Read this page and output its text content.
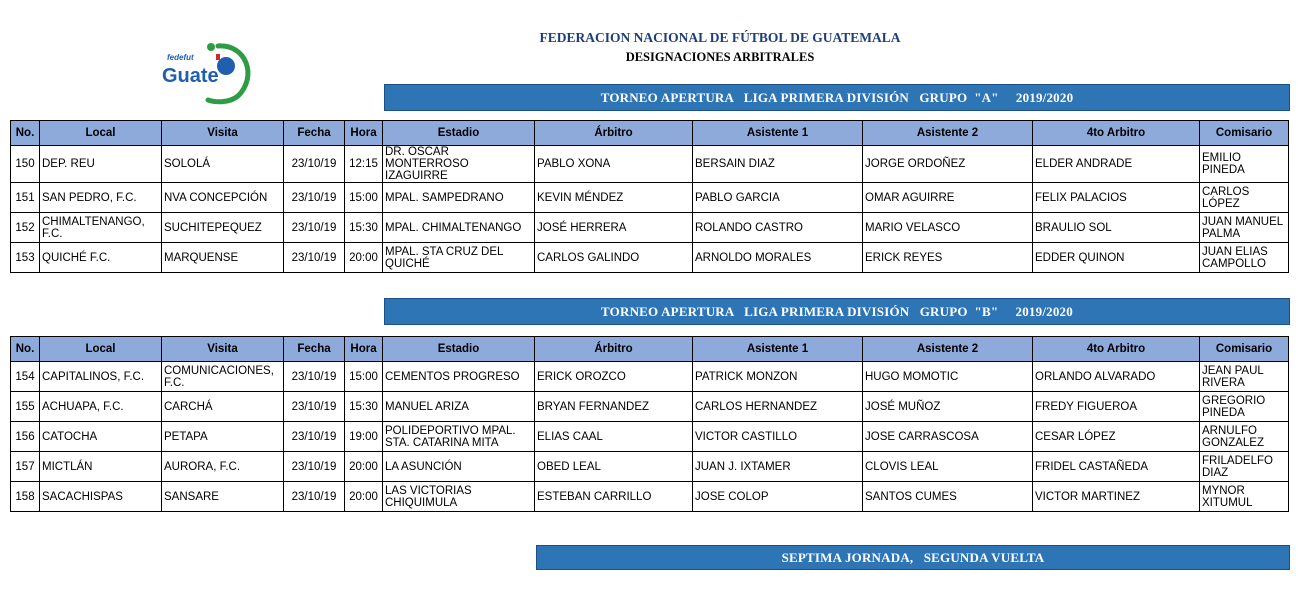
fedefut
Guate
FEDERACION NACIONAL DE FÚTBOL DE GUATEMALA
DESIGNACIONES ARBITRALES
TORNEO APERTURA   LIGA PRIMERA DIVISIÓN   GRUPO  "A"     2019/2020
No.	Local	Visita	Fecha	Hora	Estadio	Árbitro	Asistente 1	Asistente 2	4to Arbitro	Comisario
150	DEP. REU	SOLOLÁ	23/10/19	12:15	DR. OSCAR MONTERROSO IZAGUIRRE	PABLO XONA	BERSAIN DIAZ	JORGE ORDOÑEZ	ELDER ANDRADE	EMILIO PINEDA
151	SAN PEDRO, F.C.	NVA CONCEPCIÓN	23/10/19	15:00	MPAL. SAMPEDRANO	KEVIN MÉNDEZ	PABLO GARCIA	OMAR AGUIRRE	FELIX PALACIOS	CARLOS LÓPEZ
152	CHIMALTENANGO, F.C.	SUCHITEPEQUEZ	23/10/19	15:30	MPAL. CHIMALTENANGO	JOSÉ HERRERA	ROLANDO CASTRO	MARIO VELASCO	BRAULIO SOL	JUAN MANUEL PALMA
153	QUICHÉ F.C.	MARQUENSE	23/10/19	20:00	MPAL. STA CRUZ DEL QUICHÉ	CARLOS GALINDO	ARNOLDO MORALES	ERICK REYES	EDDER QUINON	JUAN ELIAS CAMPOLLO
TORNEO APERTURA   LIGA PRIMERA DIVISIÓN   GRUPO  "B"     2019/2020
No.	Local	Visita	Fecha	Hora	Estadio	Árbitro	Asistente 1	Asistente 2	4to Arbitro	Comisario
154	CAPITALINOS, F.C.	COMUNICACIONES, F.C.	23/10/19	15:00	CEMENTOS PROGRESO	ERICK OROZCO	PATRICK MONZON	HUGO MOMOTIC	ORLANDO ALVARADO	JEAN PAUL RIVERA
155	ACHUAPA, F.C.	CARCHÁ	23/10/19	15:30	MANUEL ARIZA	BRYAN FERNANDEZ	CARLOS HERNANDEZ	JOSÉ MUÑOZ	FREDY FIGUEROA	GREGORIO PINEDA
156	CATOCHA	PETAPA	23/10/19	19:00	POLIDEPORTIVO MPAL. STA. CATARINA MITA	ELIAS CAAL	VICTOR CASTILLO	JOSE CARRASCOSA	CESAR LÓPEZ	ARNULFO GONZALEZ
157	MICTLÁN	AURORA, F.C.	23/10/19	20:00	LA ASUNCIÓN	OBED LEAL	JUAN J. IXTAMER	CLOVIS LEAL	FRIDEL CASTAÑEDA	FRILADELFO DIAZ
158	SACACHISPAS	SANSARE	23/10/19	20:00	LAS VICTORIAS CHIQUIMULA	ESTEBAN CARRILLO	JOSE COLOP	SANTOS CUMES	VICTOR MARTINEZ	MYNOR XITUMUL
SEPTIMA JORNADA,   SEGUNDA VUELTA
